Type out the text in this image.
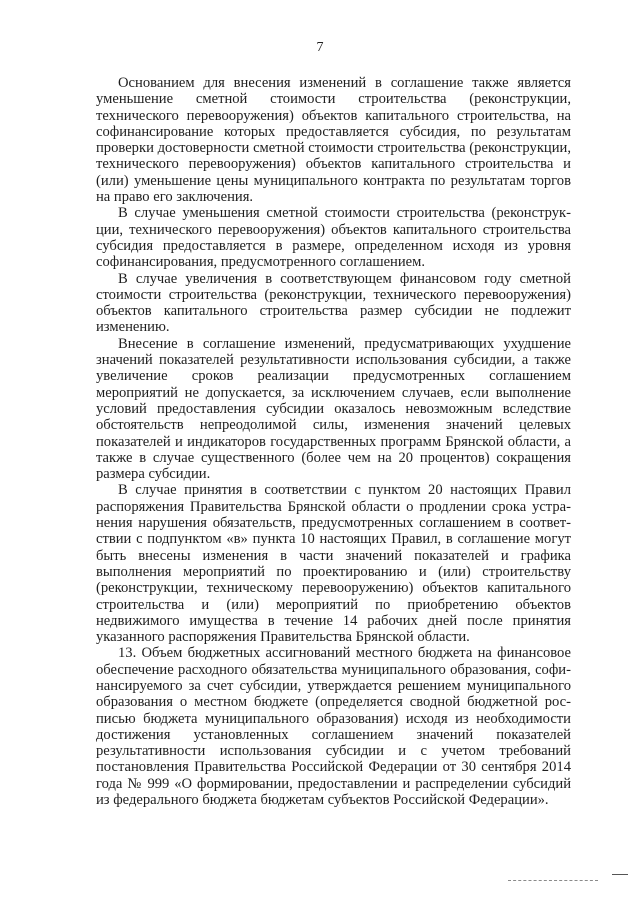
7

Основанием для внесения изменений в соглашение также является уменьшение сметной стоимости строительства (реконструкции, технического перевооружения) объектов капитального строительства, на софинансирование которых предоставляется субсидия, по результатам проверки достоверности сметной стоимости строительства (реконструкции, технического перевооружения) объектов капитального строительства и (или) уменьшение цены муниципального контракта по результатам торгов на право его заключения.

В случае уменьшения сметной стоимости строительства (реконструкции, технического перевооружения) объектов капитального строительства субсидия предоставляется в размере, определенном исходя из уровня софинансирования, предусмотренного соглашением.

В случае увеличения в соответствующем финансовом году сметной стоимости строительства (реконструкции, технического перевооружения) объектов капитального строительства размер субсидии не подлежит изменению.

Внесение в соглашение изменений, предусматривающих ухудшение значений показателей результативности использования субсидии, а также увеличение сроков реализации предусмотренных соглашением мероприятий не допускается, за исключением случаев, если выполнение условий предоставления субсидии оказалось невозможным вследствие обстоятельств непреодолимой силы, изменения значений целевых показателей и индикаторов государственных программ Брянской области, а также в случае существенного (более чем на 20 процентов) сокращения размера субсидии.

В случае принятия в соответствии с пунктом 20 настоящих Правил распоряжения Правительства Брянской области о продлении срока устранения нарушения обязательств, предусмотренных соглашением в соответствии с подпунктом «в» пункта 10 настоящих Правил, в соглашение могут быть внесены изменения в части значений показателей и графика выполнения мероприятий по проектированию и (или) строительству (реконструкции, техническому перевооружению) объектов капитального строительства и (или) мероприятий по приобретению объектов недвижимого имущества в течение 14 рабочих дней после принятия указанного распоряжения Правительства Брянской области.

13. Объем бюджетных ассигнований местного бюджета на финансовое обеспечение расходного обязательства муниципального образования, софинансируемого за счет субсидии, утверждается решением муниципального образования о местном бюджете (определяется сводной бюджетной росписью бюджета муниципального образования) исходя из необходимости достижения установленных соглашением значений показателей результативности использования субсидии и с учетом требований постановления Правительства Российской Федерации от 30 сентября 2014 года № 999 «О формировании, предоставлении и распределении субсидий из федерального бюджета бюджетам субъектов Российской Федерации».
